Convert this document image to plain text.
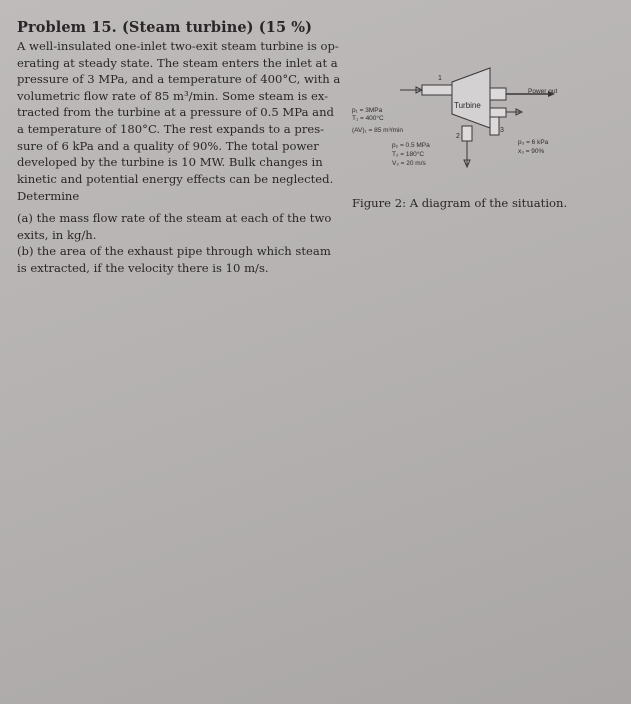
Problem 15. (Steam turbine) (15 %)
A well-insulated one-inlet two-exit steam turbine is op-
erating at steady state. The steam enters the inlet at a
pressure of 3 MPa, and a temperature of 400°C, with a
volumetric flow rate of 85 m³/min. Some steam is ex-
tracted from the turbine at a pressure of 0.5 MPa and
a temperature of 180°C. The rest expands to a pres-
sure of 6 kPa and a quality of 90%. The total power
developed by the turbine is 10 MW. Bulk changes in
kinetic and potential energy effects can be neglected.
Determine
(a) the mass flow rate of the steam at each of the two
exits, in kg/h.
(b) the area of the exhaust pipe through which steam
is extracted, if the velocity there is 10 m/s.
1
Turbine
Power out
3
2
p₁ = 3MPa
T₁ = 400°C
(AV)₁ = 85 m³/min
p₂ = 0.5 MPa
T₂ = 180°C
V₂ = 20 m/s
p₃ = 6 kPa
x₃ = 90%
Figure 2: A diagram of the situation.
